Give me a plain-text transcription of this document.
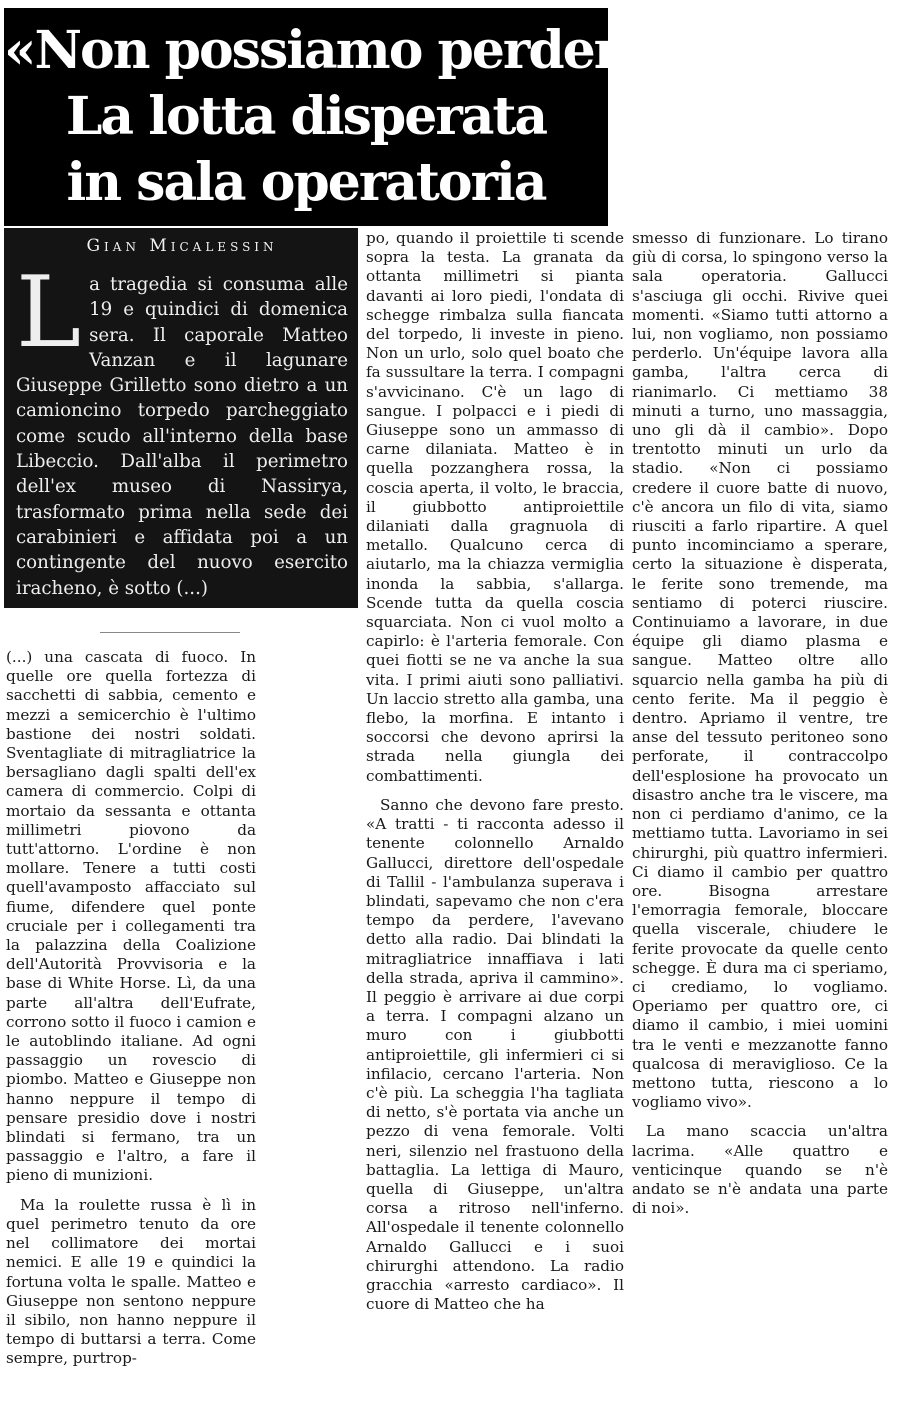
«Non possiamo perderlo»
La lotta disperata
in sala operatoria
Gian Micalessin
L a tragedia si consuma alle 19 e quindici di domenica sera. Il caporale Matteo Vanzan e il lagunare Giuseppe Grilletto sono dietro a un camioncino torpedo parcheggiato come scudo all'interno della base Libeccio. Dall'alba il perimetro dell'ex museo di Nassirya, trasformato prima nella sede dei carabinieri e affidata poi a un contingente del nuovo esercito iracheno, è sotto (...)

(...) una cascata di fuoco. In quelle ore quella fortezza di sacchetti di sabbia, cemento e mezzi a semicerchio è l'ultimo bastione dei nostri soldati. Sventagliate di mitragliatrice la bersagliano dagli spalti dell'ex camera di commercio. Colpi di mortaio da sessanta e ottanta millimetri piovono da tutt'attorno. L'ordine è non mollare. Tenere a tutti costi quell'avamposto affacciato sul fiume, difendere quel ponte cruciale per i collegamenti tra la palazzina della Coalizione dell'Autorità Provvisoria e la base di White Horse. Lì, da una parte all'altra dell'Eufrate, corrono sotto il fuoco i camion e le autoblindo italiane. Ad ogni passaggio un rovescio di piombo. Matteo e Giuseppe non hanno neppure il tempo di pensare presidio dove i nostri blindati si fermano, tra un passaggio e l'altro, a fare il pieno di munizioni.

Ma la roulette russa è lì in quel perimetro tenuto da ore nel collimatore dei mortai nemici. E alle 19 e quindici la fortuna volta le spalle. Matteo e Giuseppe non sentono neppure il sibilo, non hanno neppure il tempo di buttarsi a terra. Come sempre, purtrop-

po, quando il proiettile ti scende sopra la testa. La granata da ottanta millimetri si pianta davanti ai loro piedi, l'ondata di schegge rimbalza sulla fiancata del torpedo, li investe in pieno. Non un urlo, solo quel boato che fa sussultare la terra. I compagni s'avvicinano. C'è un lago di sangue. I polpacci e i piedi di Giuseppe sono un ammasso di carne dilaniata. Matteo è in quella pozzanghera rossa, la coscia aperta, il volto, le braccia, il giubbotto antiproiettile dilaniati dalla gragnuola di metallo. Qualcuno cerca di aiutarlo, ma la chiazza vermiglia inonda la sabbia, s'allarga. Scende tutta da quella coscia squarciata. Non ci vuol molto a capirlo: è l'arteria femorale. Con quei fiotti se ne va anche la sua vita. I primi aiuti sono palliativi. Un laccio stretto alla gamba, una flebo, la morfina. E intanto i soccorsi che devono aprirsi la strada nella giungla dei combattimenti.

Sanno che devono fare presto. «A tratti - ti racconta adesso il tenente colonnello Arnaldo Gallucci, direttore dell'ospedale di Tallil - l'ambulanza superava i blindati, sapevamo che non c'era tempo da perdere, l'avevano detto alla radio. Dai blindati la mitragliatrice innaffiava i lati della strada, apriva il cammino». Il peggio è arrivare ai due corpi a terra. I compagni alzano un muro con i giubbotti antiproiettile, gli infermieri ci si infilacio, cercano l'arteria. Non c'è più. La scheggia l'ha tagliata di netto, s'è portata via anche un pezzo di vena femorale. Volti neri, silenzio nel frastuono della battaglia. La lettiga di Mauro, quella di Giuseppe, un'altra corsa a ritroso nell'inferno. All'ospedale il tenente colonnello Arnaldo Gallucci e i suoi chirurghi attendono. La radio gracchia «arresto cardiaco». Il cuore di Matteo che ha

smesso di funzionare. Lo tirano giù di corsa, lo spingono verso la sala operatoria. Gallucci s'asciuga gli occhi. Rivive quei momenti. «Siamo tutti attorno a lui, non vogliamo, non possiamo perderlo. Un'équipe lavora alla gamba, l'altra cerca di rianimarlo. Ci mettiamo 38 minuti a turno, uno massaggia, uno gli dà il cambio». Dopo trentotto minuti un urlo da stadio. «Non ci possiamo credere il cuore batte di nuovo, c'è ancora un filo di vita, siamo riusciti a farlo ripartire. A quel punto incominciamo a sperare, certo la situazione è disperata, le ferite sono tremende, ma sentiamo di poterci riuscire. Continuiamo a lavorare, in due équipe gli diamo plasma e sangue. Matteo oltre allo squarcio nella gamba ha più di cento ferite. Ma il peggio è dentro. Apriamo il ventre, tre anse del tessuto peritoneo sono perforate, il contraccolpo dell'esplosione ha provocato un disastro anche tra le viscere, ma non ci perdiamo d'animo, ce la mettiamo tutta. Lavoriamo in sei chirurghi, più quattro infermieri. Ci diamo il cambio per quattro ore. Bisogna arrestare l'emorragia femorale, bloccare quella viscerale, chiudere le ferite provocate da quelle cento schegge. È dura ma ci speriamo, ci crediamo, lo vogliamo. Operiamo per quattro ore, ci diamo il cambio, i miei uomini tra le venti e mezzanotte fanno qualcosa di meraviglioso. Ce la mettono tutta, riescono a lo vogliamo vivo».

La mano scaccia un'altra lacrima. «Alle quattro e venticinque quando se n'è andato se n'è andata una parte di noi».
